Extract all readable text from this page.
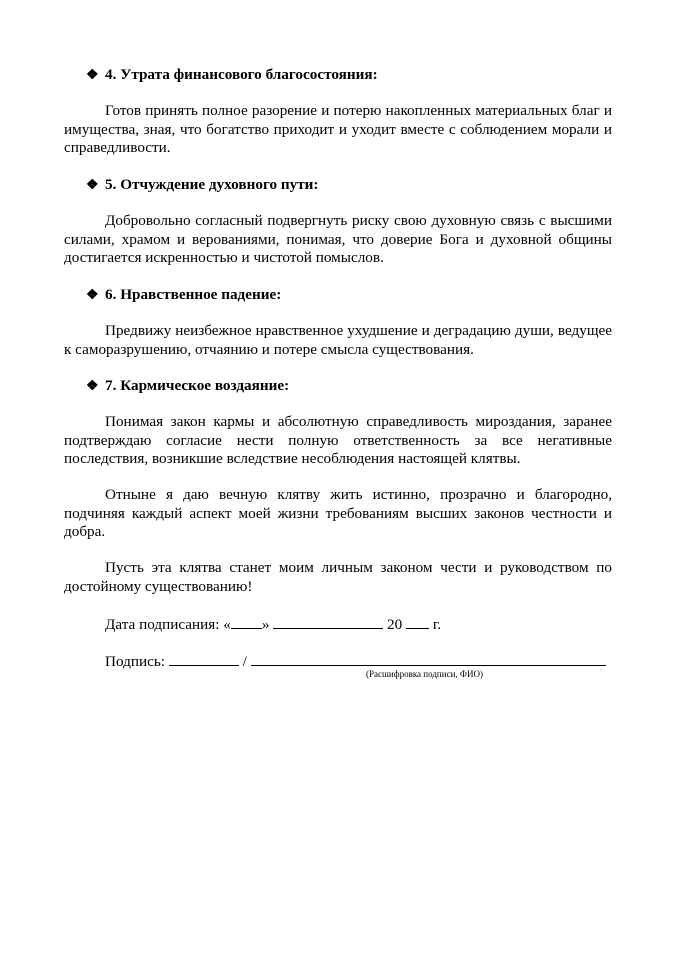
❖ 4. Утрата финансового благосостояния:
Готов принять полное разорение и потерю накопленных материальных благ и имущества, зная, что богатство приходит и уходит вместе с соблюдением морали и справедливости.
❖ 5. Отчуждение духовного пути:
Добровольно согласный подвергнуть риску свою духовную связь с высшими силами, храмом и верованиями, понимая, что доверие Бога и духовной общины достигается искренностью и чистотой помыслов.
❖ 6. Нравственное падение:
Предвижу неизбежное нравственное ухудшение и деградацию души, ведущее к саморазрушению, отчаянию и потере смысла существования.
❖ 7. Кармическое воздаяние:
Понимая закон кармы и абсолютную справедливость мироздания, заранее подтверждаю согласие нести полную ответственность за все негативные последствия, возникшие вследствие несоблюдения настоящей клятвы.
Отныне я даю вечную клятву жить истинно, прозрачно и благородно, подчиняя каждый аспект моей жизни требованиям высших законов честности и добра.
Пусть эта клятва станет моим личным законом чести и руководством по достойному существованию!
Дата подписания: « »	20 г.
Подпись:	/
(Расшифровка подписи, ФИО)
